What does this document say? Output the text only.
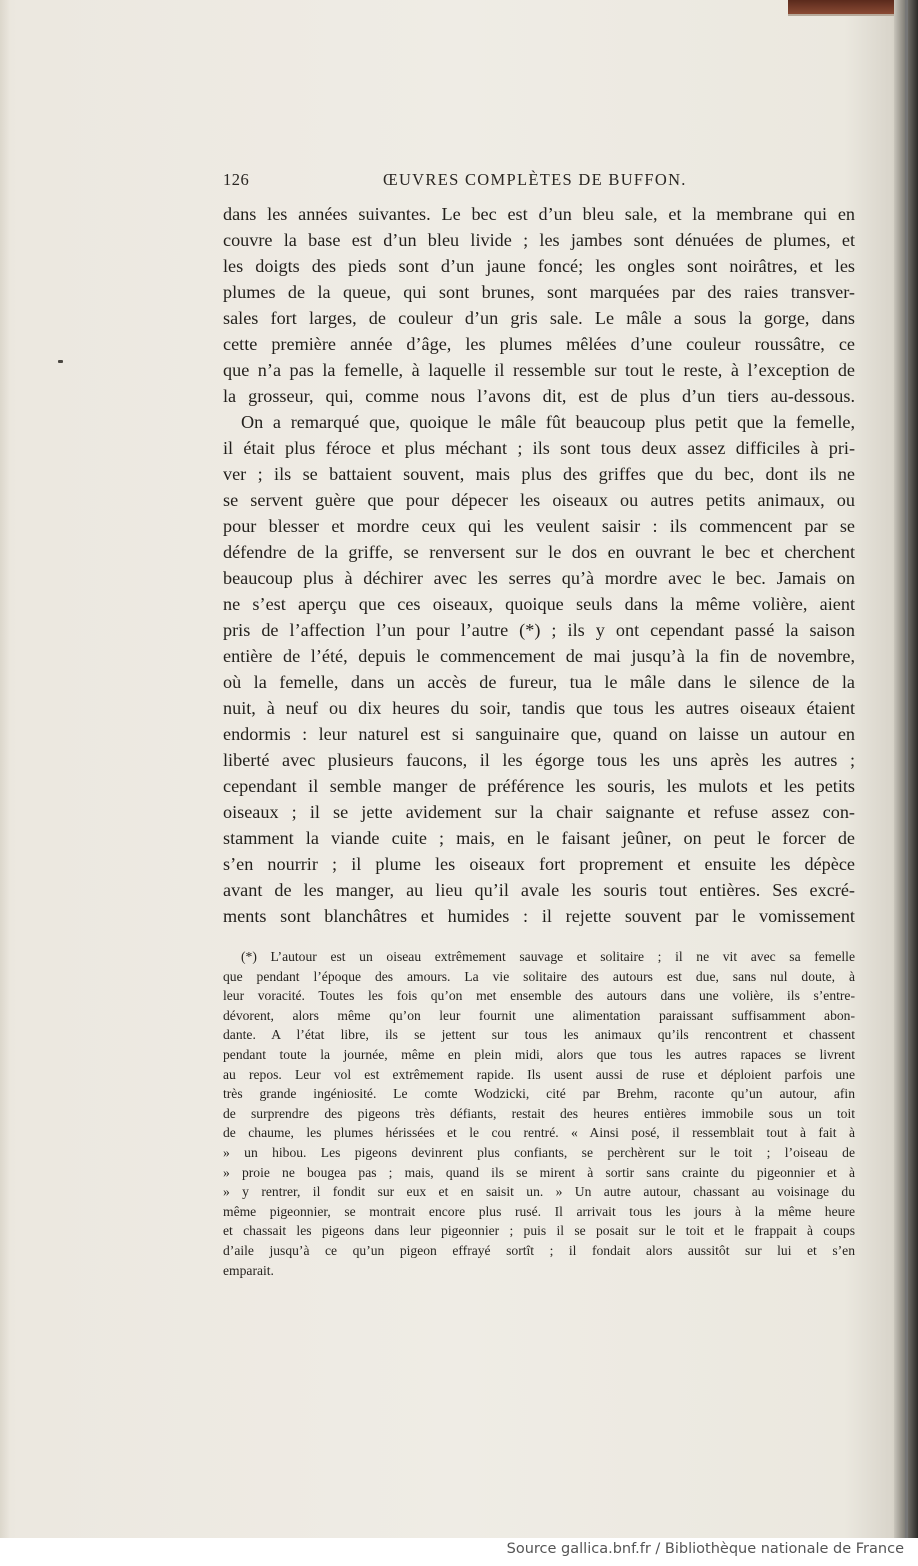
126	ŒUVRES COMPLÈTES DE BUFFON.
dans les années suivantes. Le bec est d’un bleu sale, et la membrane qui en
couvre la base est d’un bleu livide ; les jambes sont dénuées de plumes, et
les doigts des pieds sont d’un jaune foncé; les ongles sont noirâtres, et les
plumes de la queue, qui sont brunes, sont marquées par des raies transver-
sales fort larges, de couleur d’un gris sale. Le mâle a sous la gorge, dans
cette première année d’âge, les plumes mêlées d’une couleur roussâtre, ce
que n’a pas la femelle, à laquelle il ressemble sur tout le reste, à l’exception de
la grosseur, qui, comme nous l’avons dit, est de plus d’un tiers au-dessous.
On a remarqué que, quoique le mâle fût beaucoup plus petit que la femelle,
il était plus féroce et plus méchant ; ils sont tous deux assez difficiles à pri-
ver ; ils se battaient souvent, mais plus des griffes que du bec, dont ils ne
se servent guère que pour dépecer les oiseaux ou autres petits animaux, ou
pour blesser et mordre ceux qui les veulent saisir : ils commencent par se
défendre de la griffe, se renversent sur le dos en ouvrant le bec et cherchent
beaucoup plus à déchirer avec les serres qu’à mordre avec le bec. Jamais on
ne s’est aperçu que ces oiseaux, quoique seuls dans la même volière, aient
pris de l’affection l’un pour l’autre (*) ; ils y ont cependant passé la saison
entière de l’été, depuis le commencement de mai jusqu’à la fin de novembre,
où la femelle, dans un accès de fureur, tua le mâle dans le silence de la
nuit, à neuf ou dix heures du soir, tandis que tous les autres oiseaux étaient
endormis : leur naturel est si sanguinaire que, quand on laisse un autour en
liberté avec plusieurs faucons, il les égorge tous les uns après les autres ;
cependant il semble manger de préférence les souris, les mulots et les petits
oiseaux ; il se jette avidement sur la chair saignante et refuse assez con-
stamment la viande cuite ; mais, en le faisant jeûner, on peut le forcer de
s’en nourrir ; il plume les oiseaux fort proprement et ensuite les dépèce
avant de les manger, au lieu qu’il avale les souris tout entières. Ses excré-
ments sont blanchâtres et humides : il rejette souvent par le vomissement
(*) L’autour est un oiseau extrêmement sauvage et solitaire ; il ne vit avec sa femelle
que pendant l’époque des amours. La vie solitaire des autours est due, sans nul doute, à
leur voracité. Toutes les fois qu’on met ensemble des autours dans une volière, ils s’entre-
dévorent, alors même qu’on leur fournit une alimentation paraissant suffisamment abon-
dante. A l’état libre, ils se jettent sur tous les animaux qu’ils rencontrent et chassent
pendant toute la journée, même en plein midi, alors que tous les autres rapaces se livrent
au repos. Leur vol est extrêmement rapide. Ils usent aussi de ruse et déploient parfois une
très grande ingéniosité. Le comte Wodzicki, cité par Brehm, raconte qu’un autour, afin
de surprendre des pigeons très défiants, restait des heures entières immobile sous un toit
de chaume, les plumes hérissées et le cou rentré. « Ainsi posé, il ressemblait tout à fait à
» un hibou. Les pigeons devinrent plus confiants, se perchèrent sur le toit ; l’oiseau de
» proie ne bougea pas ; mais, quand ils se mirent à sortir sans crainte du pigeonnier et à
» y rentrer, il fondit sur eux et en saisit un. » Un autre autour, chassant au voisinage du
même pigeonnier, se montrait encore plus rusé. Il arrivait tous les jours à la même heure
et chassait les pigeons dans leur pigeonnier ; puis il se posait sur le toit et le frappait à coups
d’aile jusqu’à ce qu’un pigeon effrayé sortît ; il fondait alors aussitôt sur lui et s’en
emparait.
Source gallica.bnf.fr / Bibliothèque nationale de France
